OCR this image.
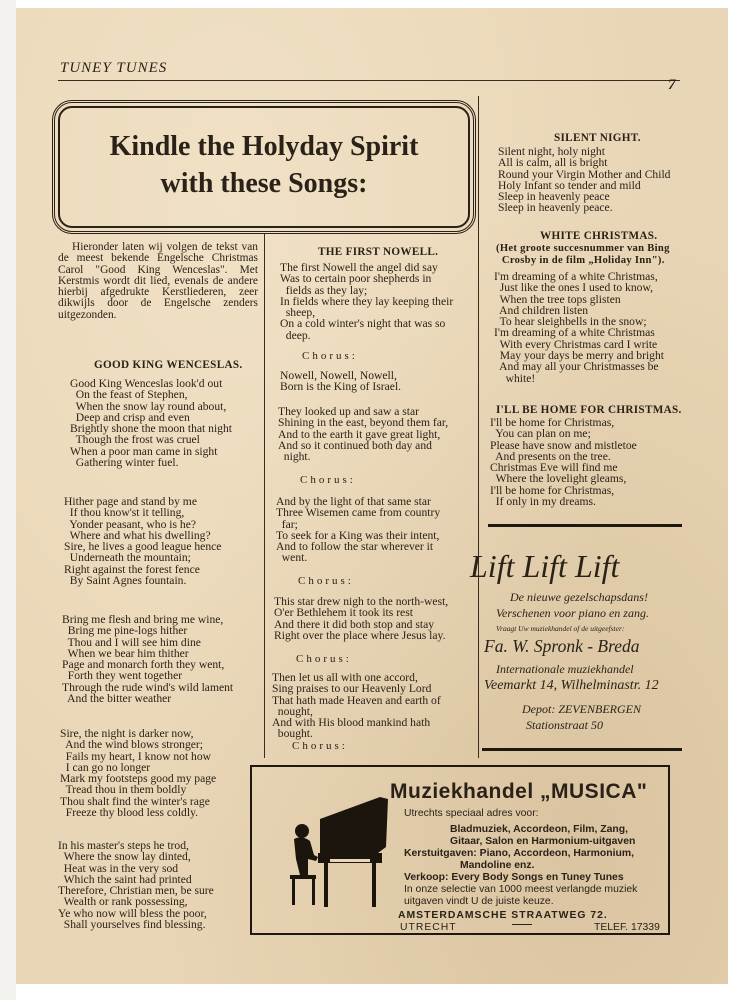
TUNEY TUNES
7
Kindle the Holyday Spirit
with these Songs:
Hieronder laten wij volgen de tekst van de meest bekende Engelsche Christmas Carol "Good King Wenceslas". Met Kerstmis wordt dit lied, evenals de andere hierbij afgedrukte Kerstliederen, zeer dikwijls door de Engelsche zenders uitgezonden.
GOOD KING WENCESLAS.
Good King Wenceslas look'd out
On the feast of Stephen,
When the snow lay round about,
Deep and crisp and even
Brightly shone the moon that night
Though the frost was cruel
When a poor man came in sight
Gathering winter fuel.
Hither page and stand by me
If thou know'st it telling,
Yonder peasant, who is he?
Where and what his dwelling?
Sire, he lives a good league hence
Underneath the mountain;
Right against the forest fence
By Saint Agnes fountain.
Bring me flesh and bring me wine,
Bring me pine-logs hither
Thou and I will see him dine
When we bear him thither
Page and monarch forth they went,
Forth they went together
Through the rude wind's wild lament
And the bitter weather
Sire, the night is darker now,
And the wind blows stronger;
Fails my heart, I know not how
I can go no longer
Mark my footsteps good my page
Tread thou in them boldly
Thou shalt find the winter's rage
Freeze thy blood less coldly.
In his master's steps he trod,
Where the snow lay dinted,
Heat was in the very sod
Which the saint had printed
Therefore, Christian men, be sure
Wealth or rank possessing,
Ye who now will bless the poor,
Shall yourselves find blessing.
THE FIRST NOWELL.
The first Nowell the angel did say
Was to certain poor shepherds in
fields as they lay;
In fields where they lay keeping their
sheep,
On a cold winter's night that was so
deep.
Chorus:
Nowell, Nowell, Nowell,
Born is the King of Israel.
They looked up and saw a star
Shining in the east, beyond them far,
And to the earth it gave great light,
And so it continued both day and
night.
Chorus:
And by the light of that same star
Three Wisemen came from country
far;
To seek for a King was their intent,
And to follow the star wherever it
went.
Chorus:
This star drew nigh to the north-west,
O'er Bethlehem it took its rest
And there it did both stop and stay
Right over the place where Jesus lay.
Chorus:
Then let us all with one accord,
Sing praises to our Heavenly Lord
That hath made Heaven and earth of
nought,
And with His blood mankind hath
bought.
Chorus:
SILENT NIGHT.
Silent night, holy night
All is calm, all is bright
Round your Virgin Mother and Child
Holy Infant so tender and mild
Sleep in heavenly peace
Sleep in heavenly peace.
WHITE CHRISTMAS.
(Het groote succesnummer van Bing
Crosby in de film „Holiday Inn").
I'm dreaming of a white Christmas,
Just like the ones I used to know,
When the tree tops glisten
And children listen
To hear sleighbells in the snow;
I'm dreaming of a white Christmas
With every Christmas card I write
May your days be merry and bright
And may all your Christmasses be
white!
I'LL BE HOME FOR CHRISTMAS.
I'll be home for Christmas,
You can plan on me;
Please have snow and mistletoe
And presents on the tree.
Christmas Eve will find me
Where the lovelight gleams,
I'll be home for Christmas,
If only in my dreams.
Lift Lift Lift
De nieuwe gezelschapsdans!
Verschenen voor piano en zang.
Vraagt Uw muziekhandel of de uitgeefster:
Fa. W. Spronk - Breda
Internationale muziekhandel
Veemarkt 14, Wilhelminastr. 12
Depot: ZEVENBERGEN
Stationstraat 50
Muziekhandel „MUSICA"
Utrechts speciaal adres voor:
Bladmuziek, Accordeon, Film, Zang,
Gitaar, Salon en Harmonium-uitgaven
Kerstuitgaven: Piano, Accordeon, Harmonium,
Mandoline enz.
Verkoop: Every Body Songs en Tuney Tunes
In onze selectie van 1000 meest verlangde muziek
uitgaven vindt U de juiste keuze.
AMSTERDAMSCHE STRAATWEG 72.
UTRECHT	TELEF. 17339
